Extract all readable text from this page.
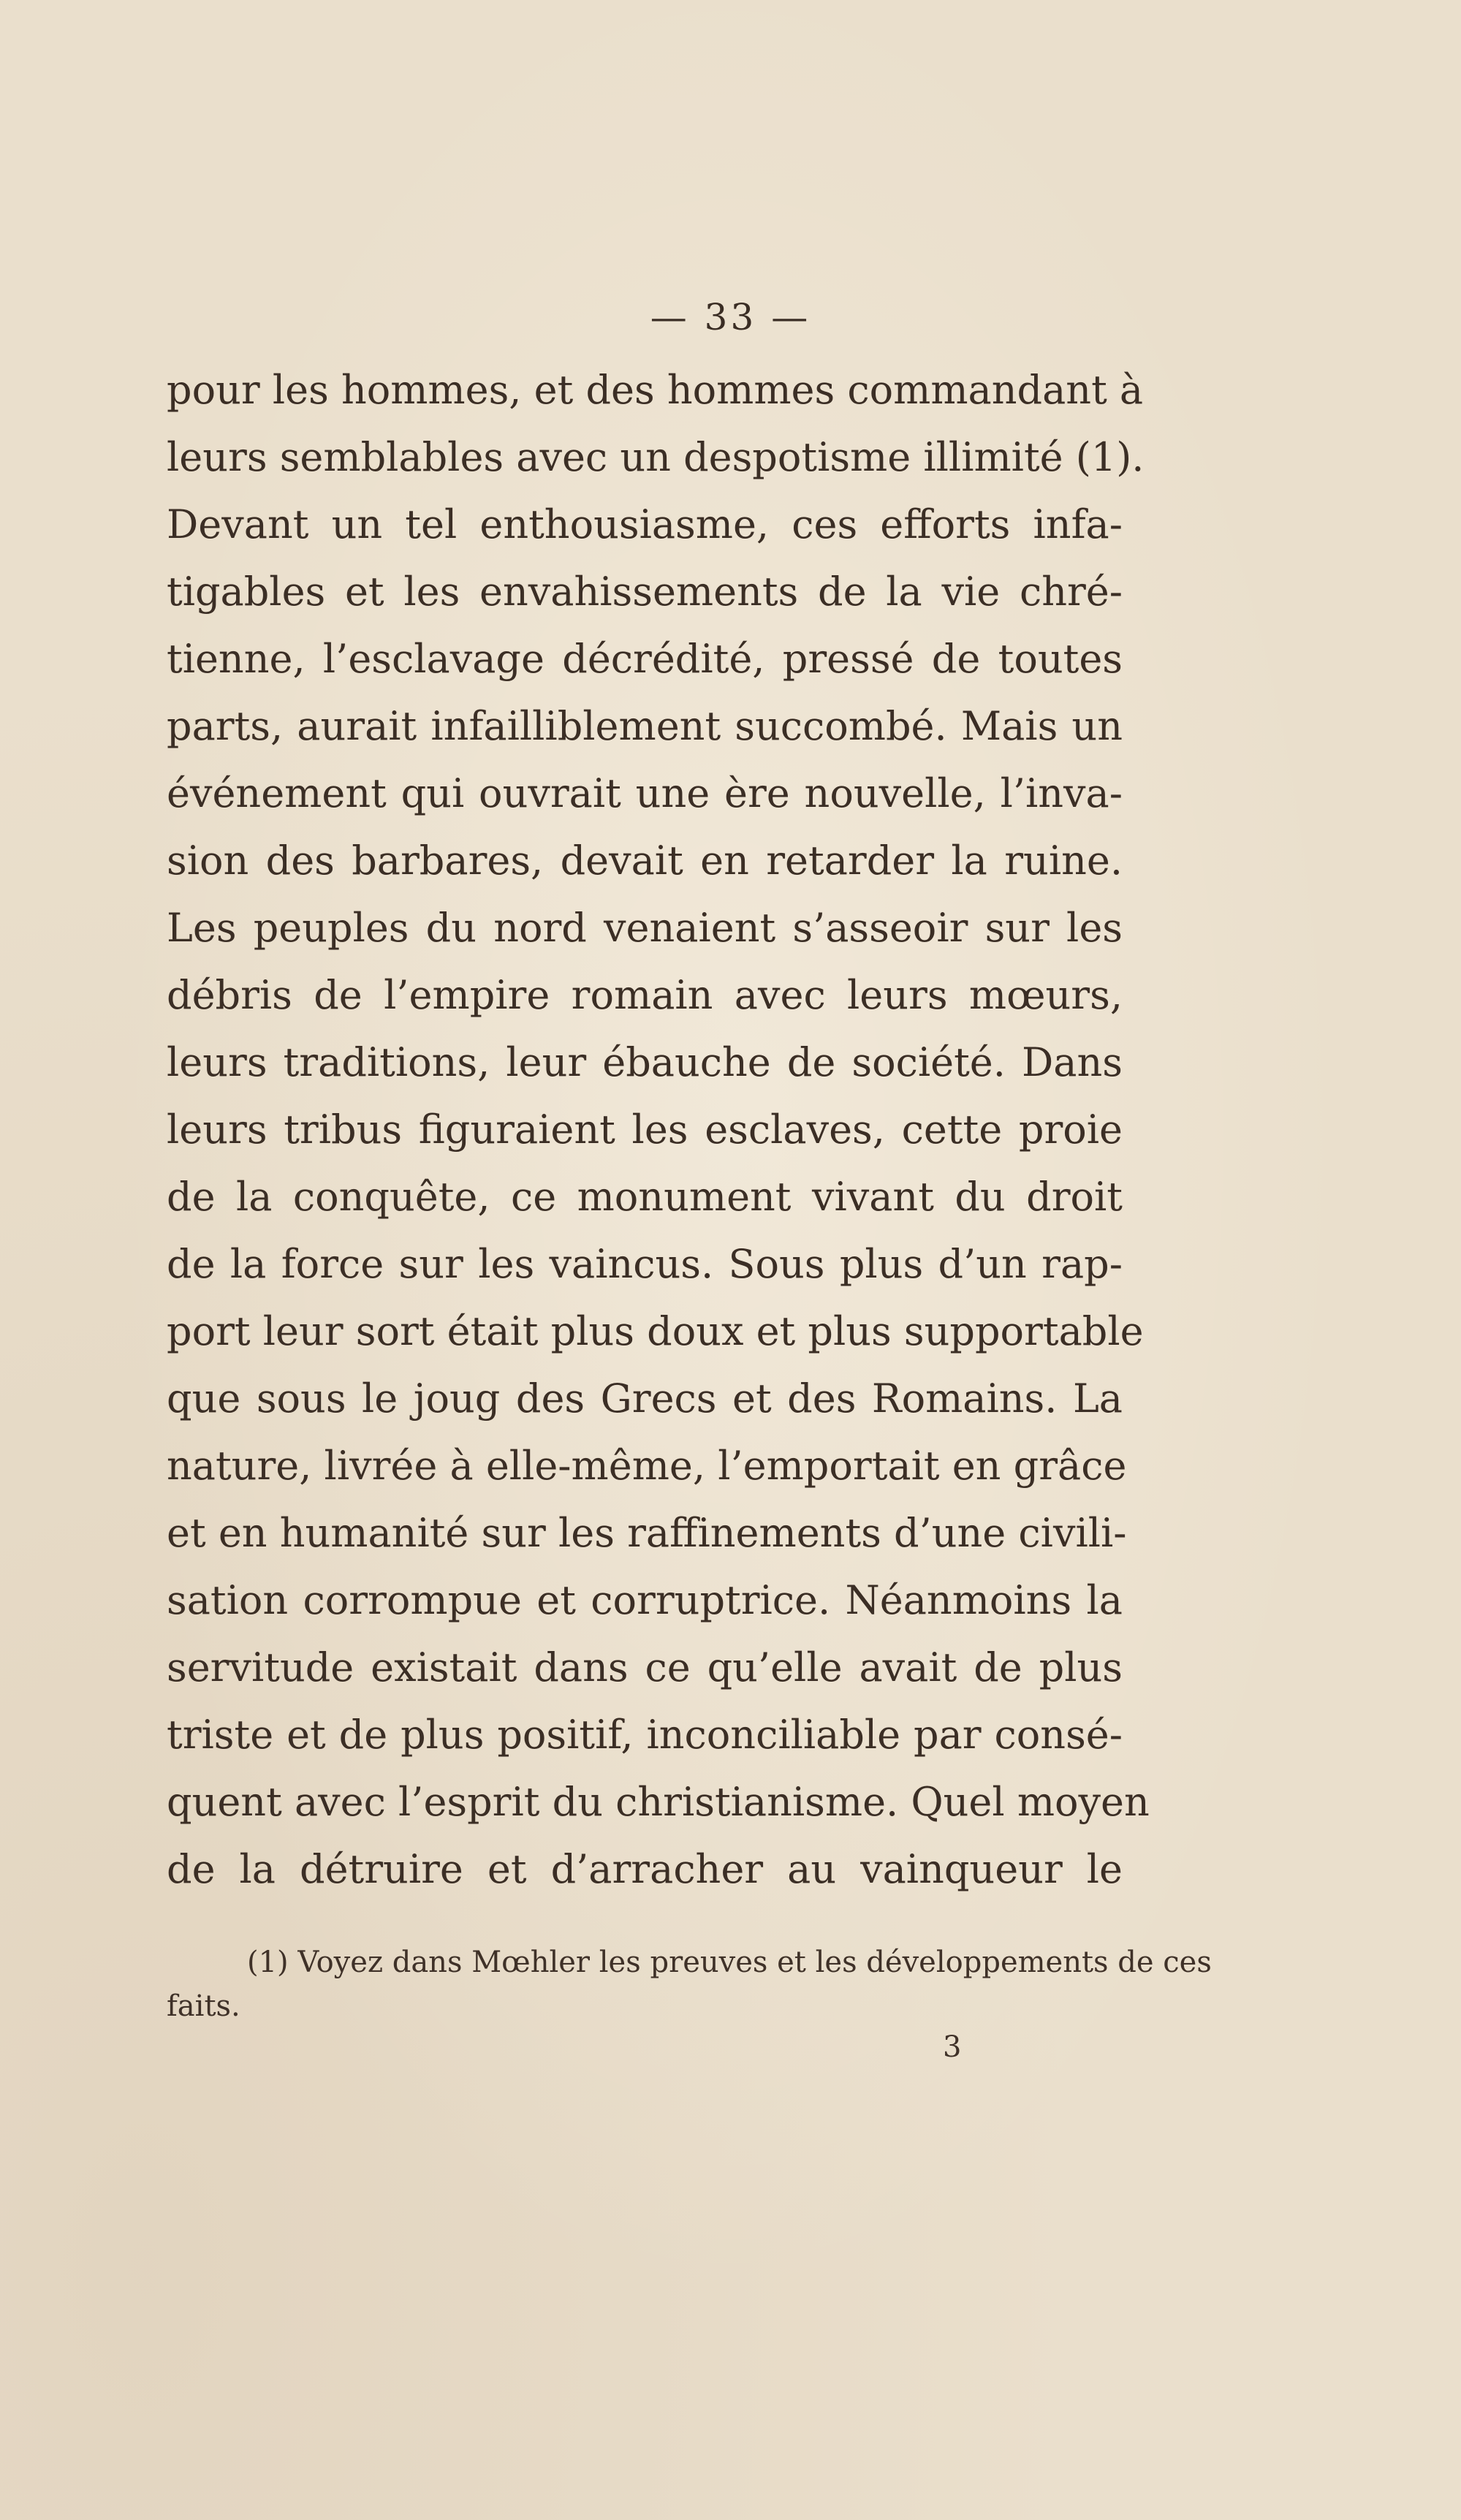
— 33 —
pour les hommes, et des hommes commandant à
leurs semblables avec un despotisme illimité (1).
Devant un tel enthousiasme, ces efforts infa-
tigables et les envahissements de la vie chré-
tienne, l’esclavage décrédité, pressé de toutes
parts, aurait infailliblement succombé. Mais un
événement qui ouvrait une ère nouvelle, l’inva-
sion des barbares, devait en retarder la ruine.
Les peuples du nord venaient s’asseoir sur les
débris de l’empire romain avec leurs mœurs,
leurs traditions, leur ébauche de société. Dans
leurs tribus figuraient les esclaves, cette proie
de la conquête, ce monument vivant du droit
de la force sur les vaincus. Sous plus d’un rap-
port leur sort était plus doux et plus supportable
que sous le joug des Grecs et des Romains. La
nature, livrée à elle-même, l’emportait en grâce
et en humanité sur les raffinements d’une civili-
sation corrompue et corruptrice. Néanmoins la
servitude existait dans ce qu’elle avait de plus
triste et de plus positif, inconciliable par consé-
quent avec l’esprit du christianisme. Quel moyen
de la détruire et d’arracher au vainqueur le
(1) Voyez dans Mœhler les preuves et les développements de ces
faits.
3
